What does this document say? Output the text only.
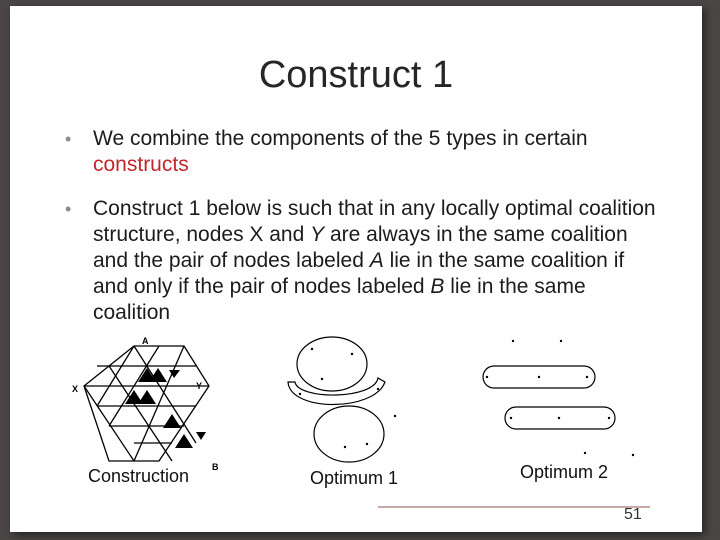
Construct 1
• We combine the components of the 5 types in certain constructs
• Construct 1 below is such that in any locally optimal coalition structure, nodes X and Y are always in the same coalition and the pair of nodes labeled A lie in the same coalition if and only if the pair of nodes labeled B lie in the same coalition
A
X	Y
B
Construction	Optimum 1	Optimum 2
51
